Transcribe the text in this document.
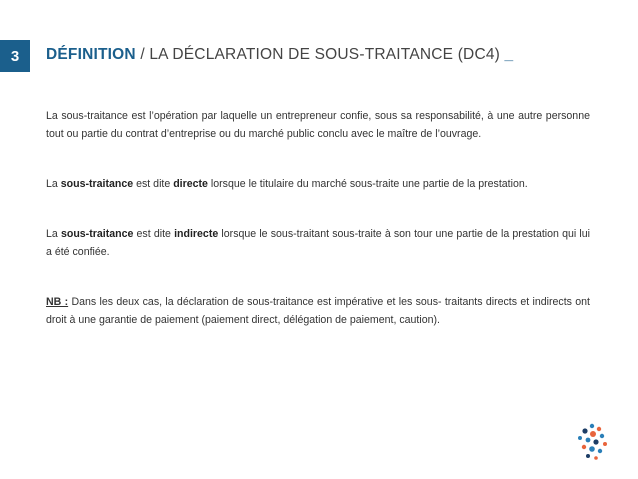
3 DÉFINITION / LA DÉCLARATION DE SOUS-TRAITANCE (DC4) _
La sous-traitance est l’opération par laquelle un entrepreneur confie, sous sa responsabilité, à une autre personne tout ou partie du contrat d’entreprise ou du marché public conclu avec le maître de l’ouvrage.
La sous-traitance est dite directe lorsque le titulaire du marché sous-traite une partie de la prestation.
La sous-traitance est dite indirecte lorsque le sous-traitant sous-traite à son tour une partie de la prestation qui lui a été confiée.
NB : Dans les deux cas, la déclaration de sous-traitance est impérative et les sous- traitants directs et indirects ont droit à une garantie de paiement (paiement direct, délégation de paiement, caution).
